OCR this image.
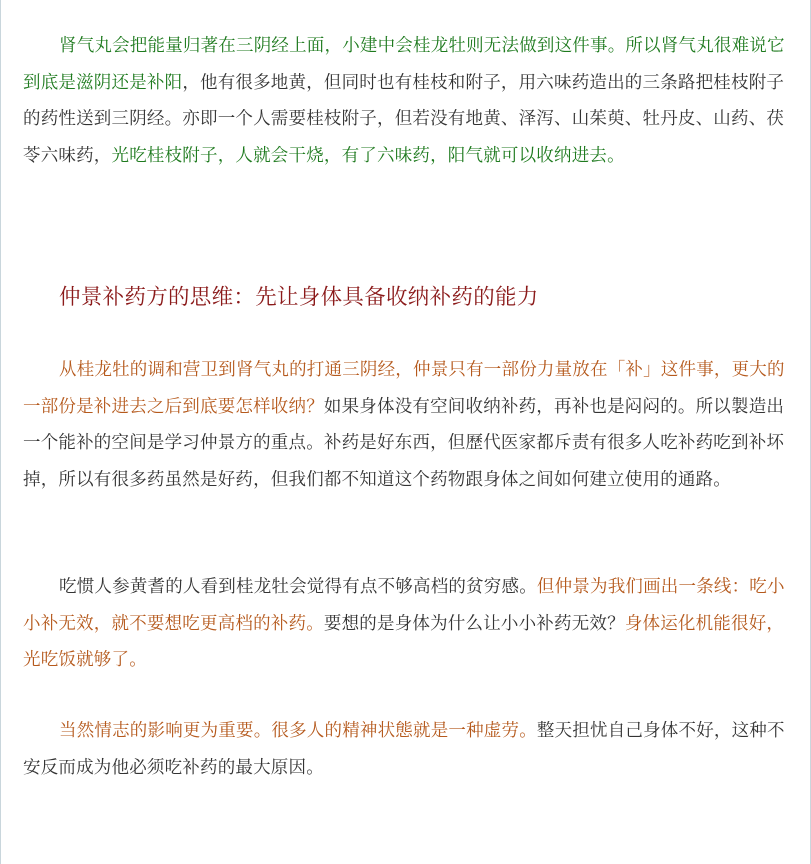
肾气丸会把能量归著在三阴经上面，小建中会桂龙牡则无法做到这件事。所以肾气丸很难说它到底是滋阴还是补阳，他有很多地黄，但同时也有桂枝和附子，用六味药造出的三条路把桂枝附子的药性送到三阴经。亦即一个人需要桂枝附子，但若没有地黄、泽泻、山茱萸、牡丹皮、山药、茯苓六味药，光吃桂枝附子，人就会干烧，有了六味药，阳气就可以收纳进去。

仲景补药方的思维：先让身体具备收纳补药的能力

从桂龙牡的调和营卫到肾气丸的打通三阴经，仲景只有一部份力量放在「补」这件事，更大的一部份是补进去之后到底要怎样收纳？如果身体没有空间收纳补药，再补也是闷闷的。所以製造出一个能补的空间是学习仲景方的重点。补药是好东西，但歷代医家都斥责有很多人吃补药吃到补坏掉，所以有很多药虽然是好药，但我们都不知道这个药物跟身体之间如何建立使用的通路。

吃惯人参黄耆的人看到桂龙牡会觉得有点不够高档的贫穷感。但仲景为我们画出一条线：吃小小补无效，就不要想吃更高档的补药。要想的是身体为什么让小小补药无效？身体运化机能很好，光吃饭就够了。

当然情志的影响更为重要。很多人的精神状態就是一种虚劳。整天担忧自己身体不好，这种不安反而成为他必须吃补药的最大原因。
